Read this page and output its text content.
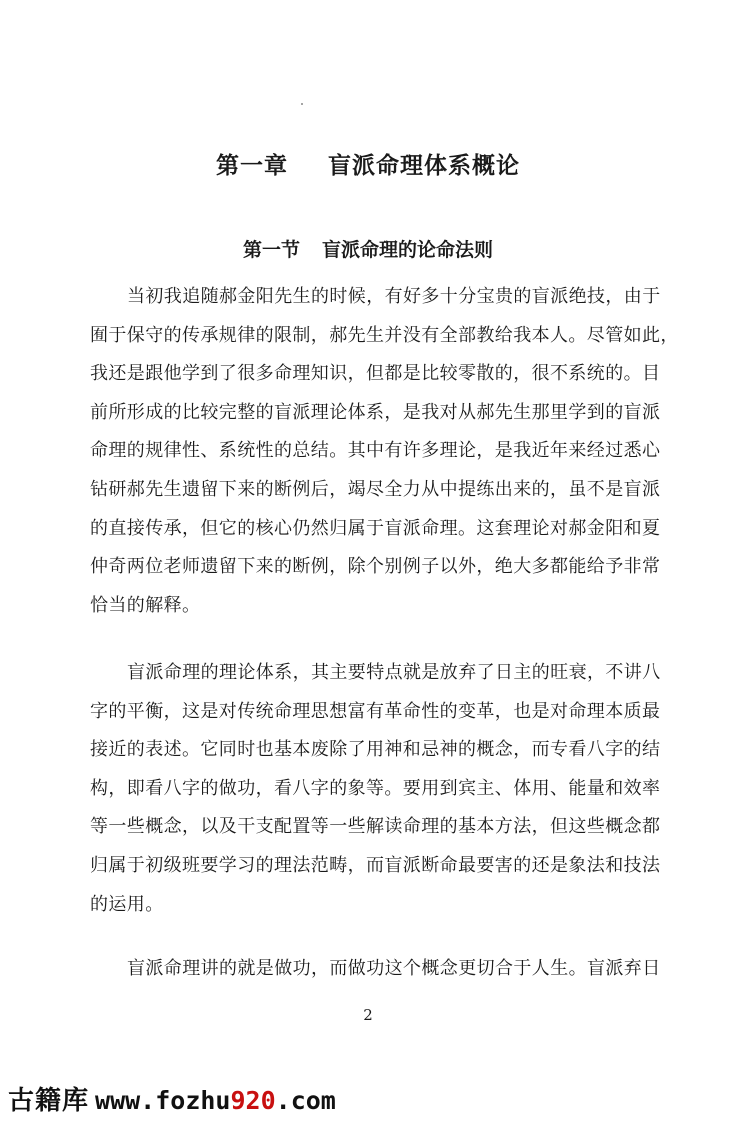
第一章 盲派命理体系概论
第一节 盲派命理的论命法则
当初我追随郝金阳先生的时候，有好多十分宝贵的盲派绝技，由于
囿于保守的传承规律的限制，郝先生并没有全部教给我本人。尽管如此，
我还是跟他学到了很多命理知识，但都是比较零散的，很不系统的。目
前所形成的比较完整的盲派理论体系，是我对从郝先生那里学到的盲派
命理的规律性、系统性的总结。其中有许多理论，是我近年来经过悉心
钻研郝先生遗留下来的断例后，竭尽全力从中提练出来的，虽不是盲派
的直接传承，但它的核心仍然归属于盲派命理。这套理论对郝金阳和夏
仲奇两位老师遗留下来的断例，除个别例子以外，绝大多都能给予非常
恰当的解释。
盲派命理的理论体系，其主要特点就是放弃了日主的旺衰，不讲八
字的平衡，这是对传统命理思想富有革命性的变革，也是对命理本质最
接近的表述。它同时也基本废除了用神和忌神的概念，而专看八字的结
构，即看八字的做功，看八字的象等。要用到宾主、体用、能量和效率
等一些概念，以及干支配置等一些解读命理的基本方法，但这些概念都
归属于初级班要学习的理法范畴，而盲派断命最要害的还是象法和技法
的运用。
盲派命理讲的就是做功，而做功这个概念更切合于人生。盲派弃日
2
古籍库 www.fozhu920.com
